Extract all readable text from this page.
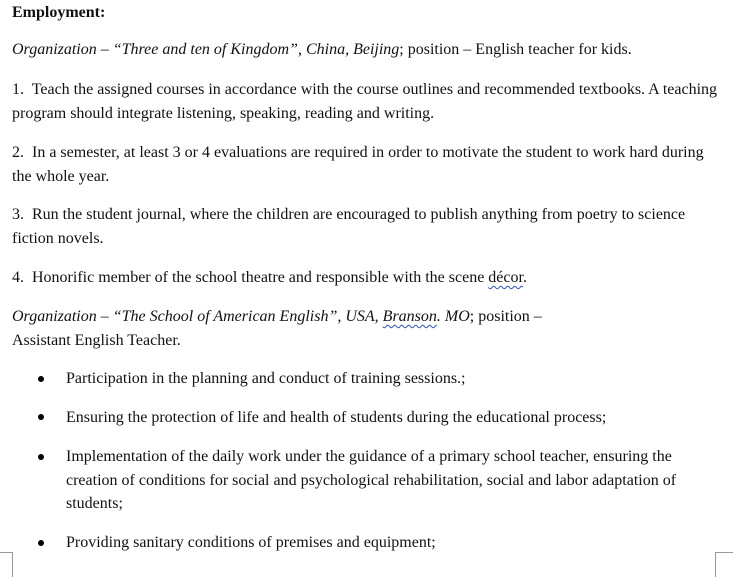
Employment:

Organization – “Three and ten of Kingdom”, China, Beijing; position – English teacher for kids.

1. Teach the assigned courses in accordance with the course outlines and recommended textbooks. A teaching program should integrate listening, speaking, reading and writing.

2. In a semester, at least 3 or 4 evaluations are required in order to motivate the student to work hard during the whole year.

3. Run the student journal, where the children are encouraged to publish anything from poetry to science fiction novels.

4. Honorific member of the school theatre and responsible with the scene décor.

Organization – “The School of American English”, USA, Branson. MO; position –
Assistant English Teacher.

Participation in the planning and conduct of training sessions.;

Ensuring the protection of life and health of students during the educational process;

Implementation of the daily work under the guidance of a primary school teacher, ensuring the creation of conditions for social and psychological rehabilitation, social and labor adaptation of students;

Providing sanitary conditions of premises and equipment;
